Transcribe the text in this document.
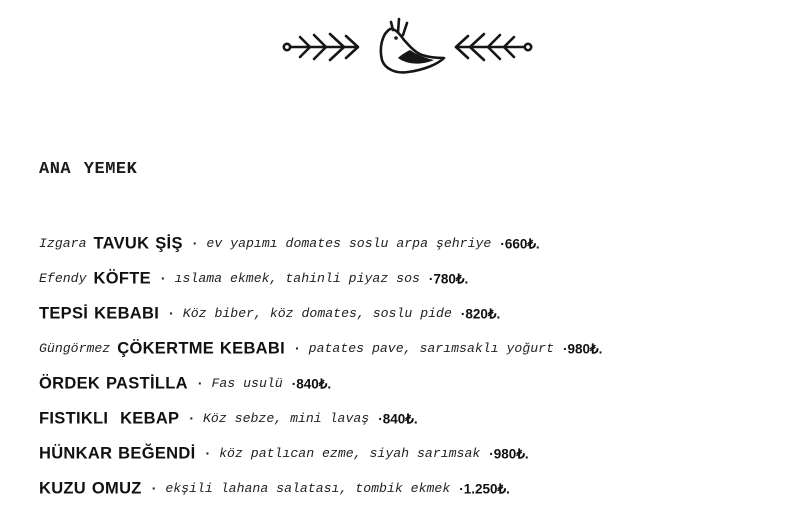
ANA YEMEK
Izgara TAVUK ŞİŞ · ev yapımı domates soslu arpa şehriye ·660₺.
Efendy KÖFTE · ıslama ekmek, tahinli piyaz sos ·780₺.
TEPSİ KEBABI · Köz biber, köz domates, soslu pide ·820₺.
Güngörmez ÇÖKERTME KEBABI · patates pave, sarımsaklı yoğurt ·980₺.
ÖRDEK PASTİLLA · Fas usulü ·840₺.
FISTIKLI  KEBAP · Köz sebze, mini lavaş ·840₺.
HÜNKAR BEĞENDİ · köz patlıcan ezme, siyah sarımsak ·980₺.
KUZU OMUZ · ekşili lahana salatası, tombik ekmek ·1.250₺.
